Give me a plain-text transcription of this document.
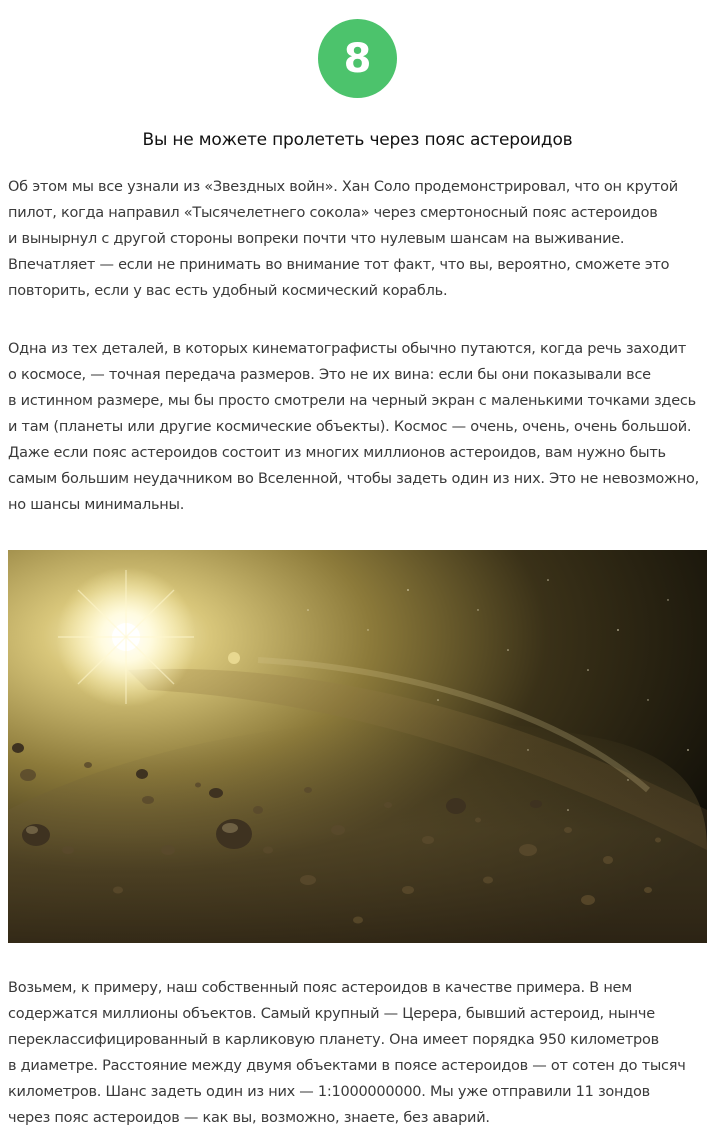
8
Вы не можете пролететь через пояс астероидов
Об этом мы все узнали из «Звездных войн». Хан Соло продемонстрировал, что он крутой
пилот, когда направил «Тысячелетнего сокола» через смертоносный пояс астероидов
и вынырнул с другой стороны вопреки почти что нулевым шансам на выживание.
Впечатляет — если не принимать во внимание тот факт, что вы, вероятно, сможете это
повторить, если у вас есть удобный космический корабль.
Одна из тех деталей, в которых кинематографисты обычно путаются, когда речь заходит
о космосе, — точная передача размеров. Это не их вина: если бы они показывали все
в истинном размере, мы бы просто смотрели на черный экран с маленькими точками здесь
и там (планеты или другие космические объекты). Космос — очень, очень, очень большой.
Даже если пояс астероидов состоит из многих миллионов астероидов, вам нужно быть
самым большим неудачником во Вселенной, чтобы задеть один из них. Это не невозможно,
но шансы минимальны.
Возьмем, к примеру, наш собственный пояс астероидов в качестве примера. В нем
содержатся миллионы объектов. Самый крупный — Церера, бывший астероид, нынче
переклассифицированный в карликовую планету. Она имеет порядка 950 километров
в диаметре. Расстояние между двумя объектами в поясе астероидов — от сотен до тысяч
километров. Шанс задеть один из них — 1:1000000000. Мы уже отправили 11 зондов
через пояс астероидов — как вы, возможно, знаете, без аварий.
